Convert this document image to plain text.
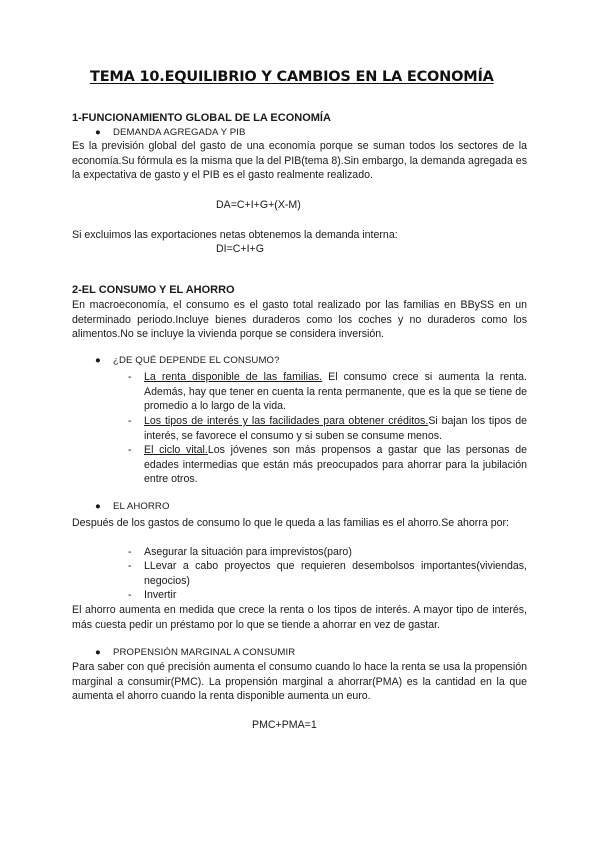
TEMA 10.EQUILIBRIO Y CAMBIOS EN LA ECONOMÍA
1-FUNCIONAMIENTO GLOBAL DE LA ECONOMÍA
● DEMANDA AGREGADA Y PIB
Es la previsión global del gasto de una economía porque se suman todos los sectores de la economía.Su fórmula es la misma que la del PIB(tema 8).Sin embargo, la demanda agregada es la expectativa de gasto y el PIB es el gasto realmente realizado.
DA=C+I+G+(X-M)
Si excluimos las exportaciones netas obtenemos la demanda interna:
DI=C+I+G
2-EL CONSUMO Y EL AHORRO
En macroeconomía, el consumo es el gasto total realizado por las familias en BBySS en un determinado periodo.Incluye bienes duraderos como los coches y no duraderos como los alimentos.No se incluye la vivienda porque se considera inversión.
● ¿DE QUÉ DEPENDE EL CONSUMO?
- La renta disponible de las familias. El consumo crece si aumenta la renta. Además, hay que tener en cuenta la renta permanente, que es la que se tiene de promedio a lo largo de la vida.
- Los tipos de interés y las facilidades para obtener créditos.Si bajan los tipos de interés, se favorece el consumo y si suben se consume menos.
- El ciclo vital.Los jóvenes son más propensos a gastar que las personas de edades intermedias que están más preocupados para ahorrar para la jubilación entre otros.
● EL AHORRO
Después de los gastos de consumo lo que le queda a las familias es el ahorro.Se ahorra por:
- Asegurar la situación para imprevistos(paro)
- LLevar a cabo proyectos que requieren desembolsos importantes(viviendas, negocios)
- Invertir
El ahorro aumenta en medida que crece la renta o los tipos de interés. A mayor tipo de interés, más cuesta pedir un préstamo por lo que se tiende a ahorrar en vez de gastar.
● PROPENSIÓN MARGINAL A CONSUMIR
Para saber con qué precisión aumenta el consumo cuando lo hace la renta se usa la propensión marginal a consumir(PMC). La propensión marginal a ahorrar(PMA) es la cantidad en la que aumenta el ahorro cuando la renta disponible aumenta un euro.
PMC+PMA=1
